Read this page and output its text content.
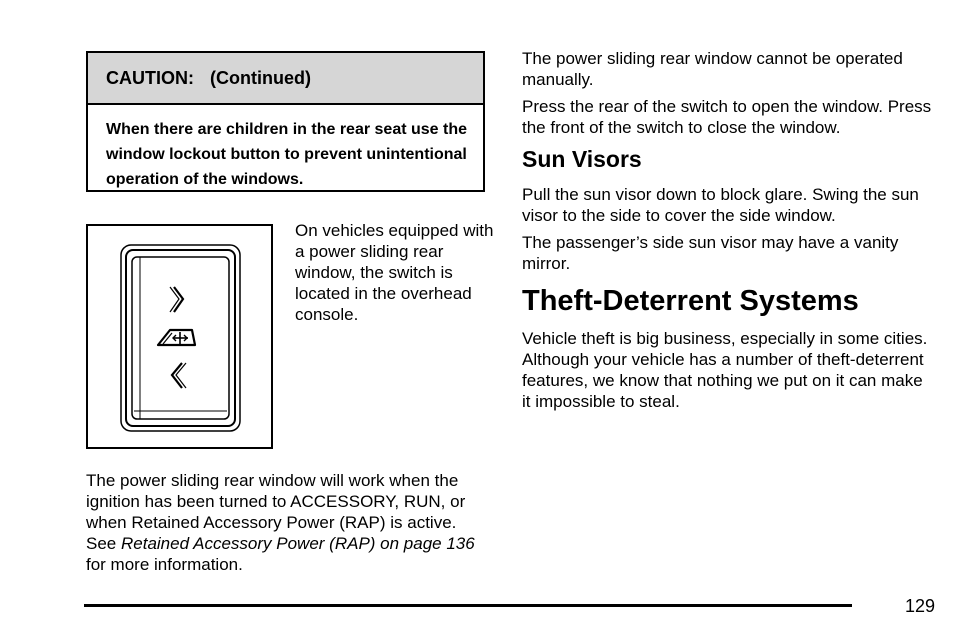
CAUTION: (Continued)
When there are children in the rear seat use the window lockout button to prevent unintentional operation of the windows.
On vehicles equipped with a power sliding rear window, the switch is located in the overhead console.
The power sliding rear window will work when the ignition has been turned to ACCESSORY, RUN, or when Retained Accessory Power (RAP) is active. See Retained Accessory Power (RAP) on page 136 for more information.
The power sliding rear window cannot be operated manually.
Press the rear of the switch to open the window. Press the front of the switch to close the window.
Sun Visors
Pull the sun visor down to block glare. Swing the sun visor to the side to cover the side window.
The passenger’s side sun visor may have a vanity mirror.
Theft-Deterrent Systems
Vehicle theft is big business, especially in some cities. Although your vehicle has a number of theft-deterrent features, we know that nothing we put on it can make it impossible to steal.
129
